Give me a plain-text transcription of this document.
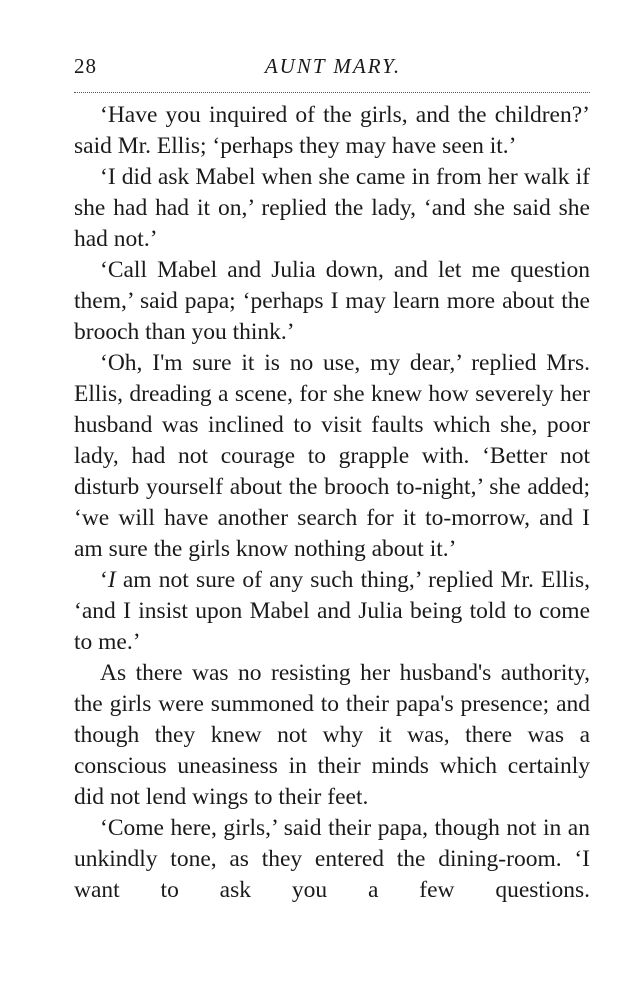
28	AUNT MARY.

‘Have you inquired of the girls, and the children?’ said Mr. Ellis; ‘perhaps they may have seen it.’

‘I did ask Mabel when she came in from her walk if she had had it on,’ replied the lady, ‘and she said she had not.’

‘Call Mabel and Julia down, and let me question them,’ said papa; ‘perhaps I may learn more about the brooch than you think.’

‘Oh, I'm sure it is no use, my dear,’ replied Mrs. Ellis, dreading a scene, for she knew how severely her husband was inclined to visit faults which she, poor lady, had not courage to grapple with. ‘Better not disturb yourself about the brooch to-night,’ she added; ‘we will have another search for it to-morrow, and I am sure the girls know nothing about it.’

‘I am not sure of any such thing,’ replied Mr. Ellis, ‘and I insist upon Mabel and Julia being told to come to me.’

As there was no resisting her husband's authority, the girls were summoned to their papa's presence; and though they knew not why it was, there was a conscious uneasiness in their minds which certainly did not lend wings to their feet.

‘Come here, girls,’ said their papa, though not in an unkindly tone, as they entered the dining-room. ‘I want to ask you a few questions.
